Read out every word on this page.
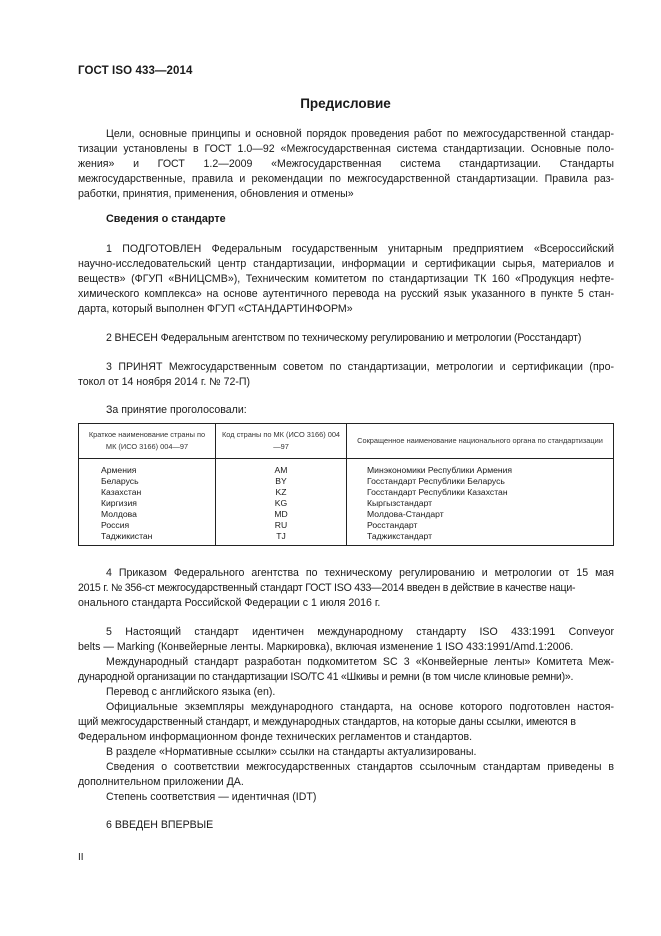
ГОСТ ISO 433—2014
Предисловие
Цели, основные принципы и основной порядок проведения работ по межгосударственной стандар-
тизации установлены в ГОСТ 1.0—92 «Межгосударственная система стандартизации. Основные поло-
жения» и ГОСТ 1.2—2009 «Межгосударственная система стандартизации. Стандарты
межгосударственные, правила и рекомендации по межгосударственной стандартизации. Правила раз-
работки, принятия, применения, обновления и отмены»
Сведения о стандарте
1 ПОДГОТОВЛЕН Федеральным государственным унитарным предприятием «Всероссийский
научно-исследовательский центр стандартизации, информации и сертификации сырья, материалов и
веществ» (ФГУП «ВНИЦСМВ»), Техническим комитетом по стандартизации ТК 160 «Продукция нефте-
химического комплекса» на основе аутентичного перевода на русский язык указанного в пункте 5 стан-
дарта, который выполнен ФГУП «СТАНДАРТИНФОРМ»
2 ВНЕСЕН Федеральным агентством по техническому регулированию и метрологии (Росстандарт)
3 ПРИНЯТ Межгосударственным советом по стандартизации, метрологии и сертификации (про-
токол от 14 ноября 2014 г. № 72-П)
За принятие проголосовали:
Краткое наименование страны по МК (ИСО 3166) 004—97	Код страны по МК (ИСО 3166) 004—97	Сокращенное наименование национального органа по стандартизации
Армения	AM	Минэкономики Республики Армения
Беларусь	BY	Госстандарт Республики Беларусь
Казахстан	KZ	Госстандарт Республики Казахстан
Киргизия	KG	Кыргызстандарт
Молдова	MD	Молдова-Стандарт
Россия	RU	Росстандарт
Таджикистан	TJ	Таджикстандарт
4 Приказом Федерального агентства по техническому регулированию и метрологии от 15 мая
2015 г. № 356-ст межгосударственный стандарт ГОСТ ISO 433—2014 введен в действие в качестве наци-
онального стандарта Российской Федерации с 1 июля 2016 г.
5 Настоящий стандарт идентичен международному стандарту ISO 433:1991 Conveyor
belts — Marking (Конвейерные ленты. Маркировка), включая изменение 1 ISO 433:1991/Amd.1:2006.
Международный стандарт разработан подкомитетом SC 3 «Конвейерные ленты» Комитета Меж-
дународной организации по стандартизации ISO/TC 41 «Шкивы и ремни (в том числе клиновые ремни)».
Перевод с английского языка (en).
Официальные экземпляры международного стандарта, на основе которого подготовлен настоя-
щий межгосударственный стандарт, и международных стандартов, на которые даны ссылки, имеются в
Федеральном информационном фонде технических регламентов и стандартов.
В разделе «Нормативные ссылки» ссылки на стандарты актуализированы.
Сведения о соответствии межгосударственных стандартов ссылочным стандартам приведены в
дополнительном приложении ДА.
Степень соответствия — идентичная (IDT)
6 ВВЕДЕН ВПЕРВЫЕ
II
